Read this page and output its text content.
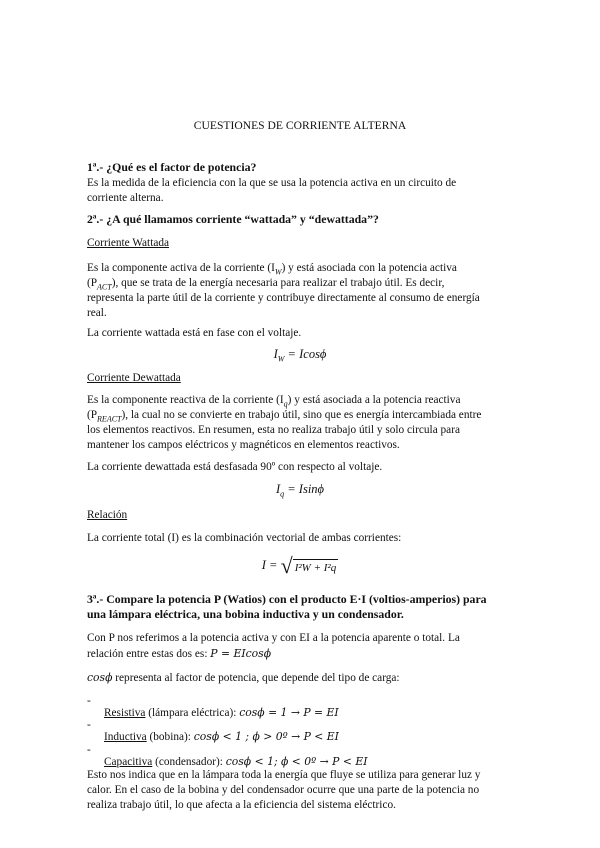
CUESTIONES DE CORRIENTE ALTERNA

1ª.- ¿Qué es el factor de potencia?

Es la medida de la eficiencia con la que se usa la potencia activa en un circuito de

corriente alterna.

2ª.- ¿A qué llamamos corriente “wattada” y “dewattada”?

Corriente Wattada

Es la componente activa de la corriente $(I_W)$ y está asociada con la potencia activa

$(P_{ACT})$, que se trata de la energía necesaria para realizar el trabajo útil. Es decir,

representa la parte útil de la corriente y contribuye directamente al consumo de energía

real.

La corriente wattada está en fase con el voltaje.

$I_W = Icos\phi$

Corriente Dewattada

Es la componente reactiva de la corriente $(I_q)$ y está asociada a la potencia reactiva

$(P_{REACT})$, la cual no se convierte en trabajo útil, sino que es energía intercambiada entre

los elementos reactivos. En resumen, esta no realiza trabajo útil y solo circula para

mantener los campos eléctricos y magnéticos en elementos reactivos.

La corriente dewattada está desfasada 90º con respecto al voltaje.

$I_q = Isin\phi$

Relación

La corriente total (I) es la combinación vectorial de ambas corrientes:

I = √ I²W + I²q

3ª.- Compare la potencia P (Watios) con el producto E·I (voltios-amperios) para

una lámpara eléctrica, una bobina inductiva y un condensador.

Con P nos referimos a la potencia activa y con EI a la potencia aparente o total. La

relación entre estas dos es: P = EIcosϕ

cosϕ representa al factor de potencia, que depende del tipo de carga:

-

Resistiva (lámpara eléctrica): cosϕ = 1 → P = EI

-

Inductiva (bobina): cosϕ < 1 ; ϕ > 0º → P < EI

-

Capacitiva (condensador): cosϕ < 1; ϕ < 0º → P < EI

Esto nos indica que en la lámpara toda la energía que fluye se utiliza para generar luz y

calor. En el caso de la bobina y del condensador ocurre que una parte de la potencia no

realiza trabajo útil, lo que afecta a la eficiencia del sistema eléctrico.
